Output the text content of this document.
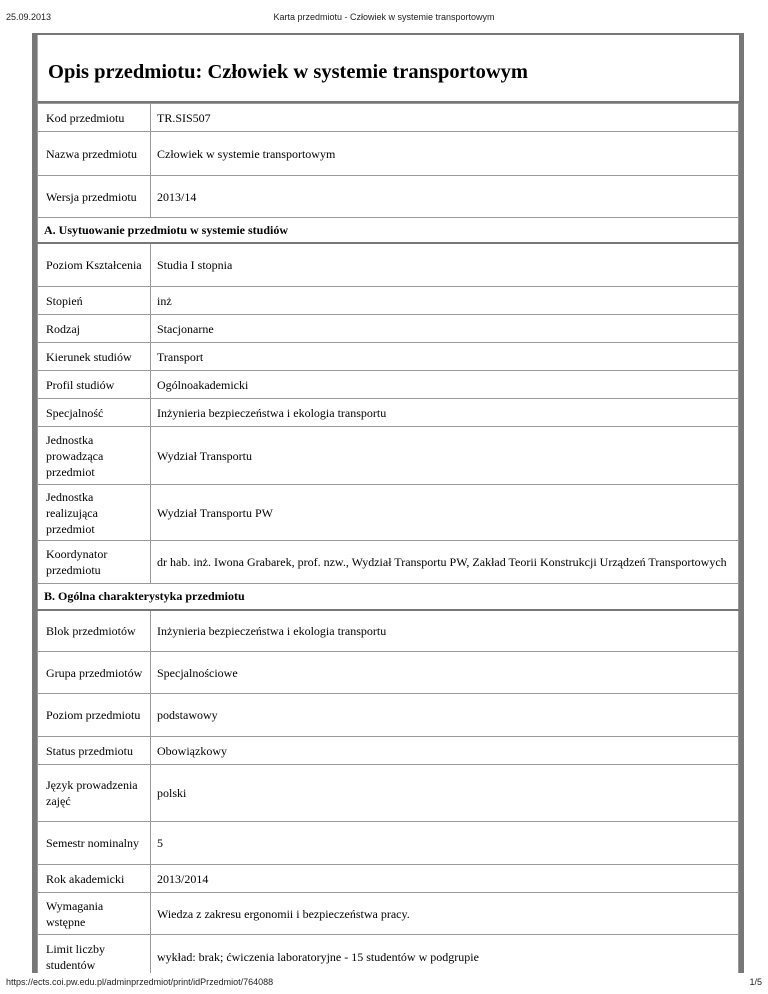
25.09.2013	Karta przedmiotu - Człowiek w systemie transportowym
Opis przedmiotu: Człowiek w systemie transportowym
Kod przedmiotu	TR.SIS507
Nazwa przedmiotu	Człowiek w systemie transportowym
Wersja przedmiotu	2013/14
A. Usytuowanie przedmiotu w systemie studiów	
Poziom Kształcenia	Studia I stopnia
Stopień	inż
Rodzaj	Stacjonarne
Kierunek studiów	Transport
Profil studiów	Ogólnoakademicki
Specjalność	Inżynieria bezpieczeństwa i ekologia transportu
Jednostka prowadząca przedmiot	Wydział Transportu
Jednostka realizująca przedmiot	Wydział Transportu PW
Koordynator przedmiotu	dr hab. inż. Iwona Grabarek, prof. nzw., Wydział Transportu PW, Zakład Teorii Konstrukcji Urządzeń Transportowych
B. Ogólna charakterystyka przedmiotu	
Blok przedmiotów	Inżynieria bezpieczeństwa i ekologia transportu
Grupa przedmiotów	Specjalnościowe
Poziom przedmiotu	podstawowy
Status przedmiotu	Obowiązkowy
Język prowadzenia zajęć	polski
Semestr nominalny	5
Rok akademicki	2013/2014
Wymagania wstępne	Wiedza z zakresu ergonomii i bezpieczeństwa pracy.
Limit liczby studentów	wykład: brak; ćwiczenia laboratoryjne - 15 studentów w podgrupie
https://ects.coi.pw.edu.pl/adminprzedmiot/print/idPrzedmiot/764088	1/5
